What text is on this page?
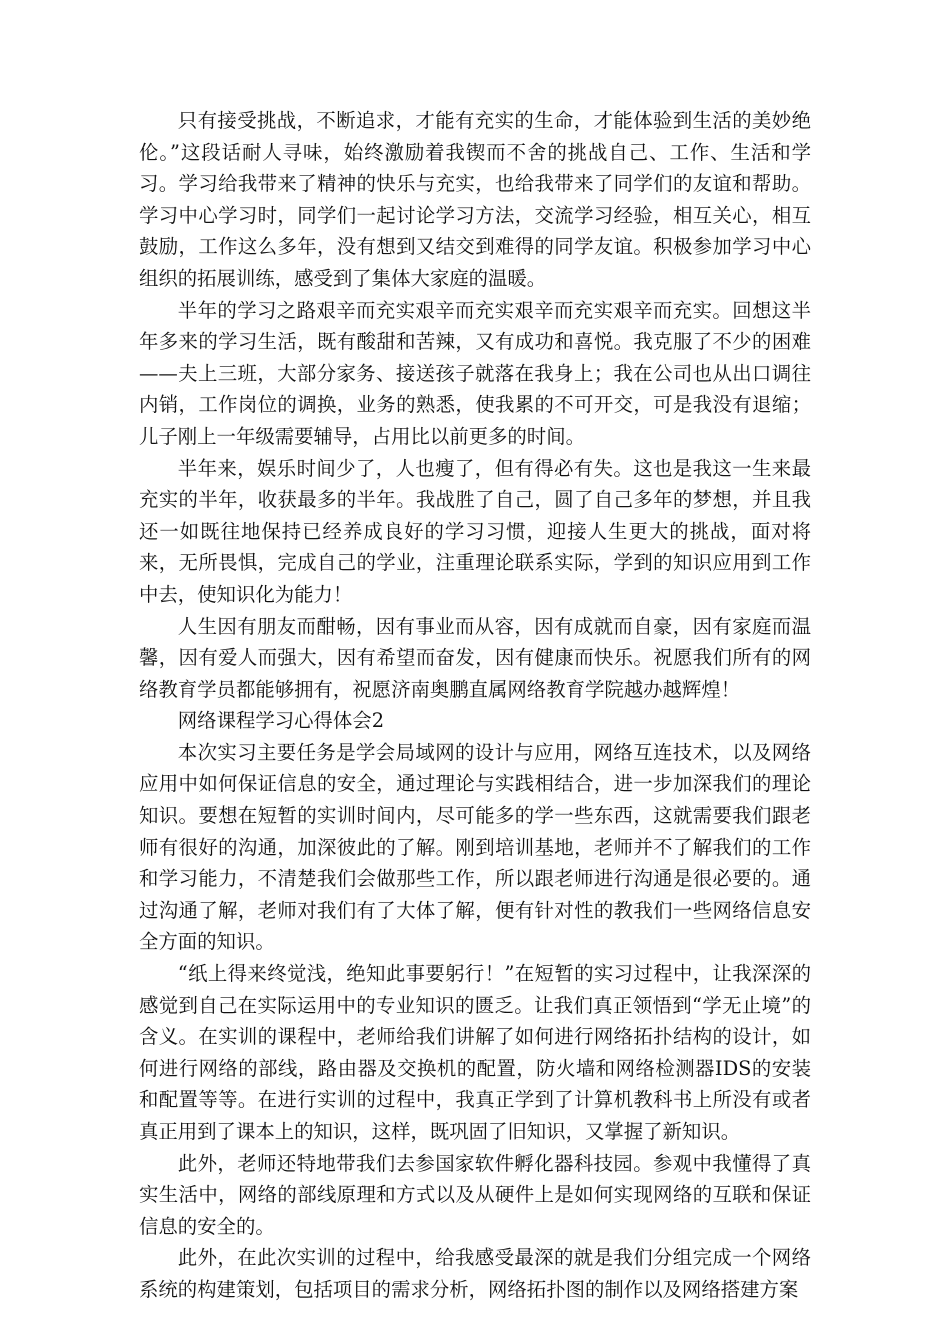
只有接受挑战，不断追求，才能有充实的生命，才能体验到生活的美妙绝伦。”这段话耐人寻味，始终激励着我锲而不舍的挑战自己、工作、生活和学习。学习给我带来了精神的快乐与充实，也给我带来了同学们的友谊和帮助。学习中心学习时，同学们一起讨论学习方法，交流学习经验，相互关心，相互鼓励，工作这么多年，没有想到又结交到难得的同学友谊。积极参加学习中心组织的拓展训练，感受到了集体大家庭的温暖。

半年的学习之路艰辛而充实艰辛而充实艰辛而充实艰辛而充实。回想这半年多来的学习生活，既有酸甜和苦辣，又有成功和喜悦。我克服了不少的困难——夫上三班，大部分家务、接送孩子就落在我身上；我在公司也从出口调往内销，工作岗位的调换，业务的熟悉，使我累的不可开交，可是我没有退缩；儿子刚上一年级需要辅导，占用比以前更多的时间。

半年来，娱乐时间少了，人也瘦了，但有得必有失。这也是我这一生来最充实的半年，收获最多的半年。我战胜了自己，圆了自己多年的梦想，并且我还一如既往地保持已经养成良好的学习习惯，迎接人生更大的挑战，面对将来，无所畏惧，完成自己的学业，注重理论联系实际，学到的知识应用到工作中去，使知识化为能力！

人生因有朋友而酣畅，因有事业而从容，因有成就而自豪，因有家庭而温馨，因有爱人而强大，因有希望而奋发，因有健康而快乐。祝愿我们所有的网络教育学员都能够拥有，祝愿济南奥鹏直属网络教育学院越办越辉煌！

网络课程学习心得体会2

本次实习主要任务是学会局域网的设计与应用，网络互连技术，以及网络应用中如何保证信息的安全，通过理论与实践相结合，进一步加深我们的理论知识。要想在短暂的实训时间内，尽可能多的学一些东西，这就需要我们跟老师有很好的沟通，加深彼此的了解。刚到培训基地，老师并不了解我们的工作和学习能力，不清楚我们会做那些工作，所以跟老师进行沟通是很必要的。通过沟通了解，老师对我们有了大体了解，便有针对性的教我们一些网络信息安全方面的知识。

“纸上得来终觉浅，绝知此事要躬行！”在短暂的实习过程中，让我深深的感觉到自己在实际运用中的专业知识的匮乏。让我们真正领悟到“学无止境”的含义。在实训的课程中，老师给我们讲解了如何进行网络拓扑结构的设计，如何进行网络的部线，路由器及交换机的配置，防火墙和网络检测器IDS的安装和配置等等。在进行实训的过程中，我真正学到了计算机教科书上所没有或者真正用到了课本上的知识，这样，既巩固了旧知识，又掌握了新知识。

此外，老师还特地带我们去参国家软件孵化器科技园。参观中我懂得了真实生活中，网络的部线原理和方式以及从硬件上是如何实现网络的互联和保证信息的安全的。

此外，在此次实训的过程中，给我感受最深的就是我们分组完成一个网络系统的构建策划，包括项目的需求分析，网络拓扑图的制作以及网络搭建方案
